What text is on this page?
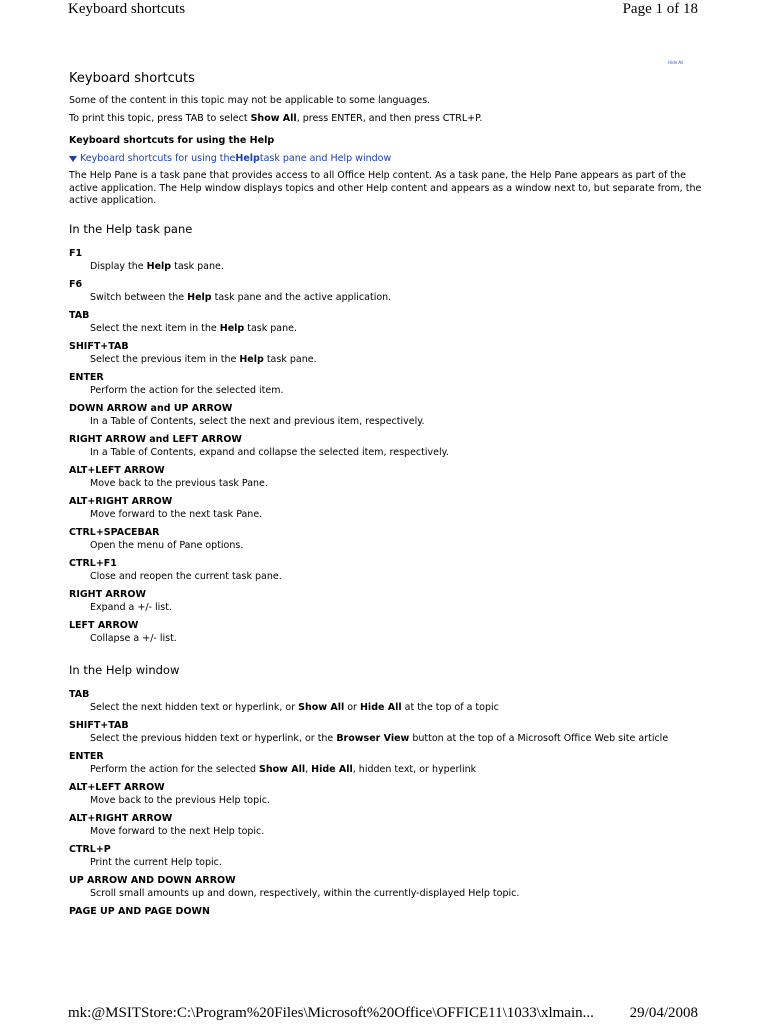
Keyboard shortcuts	Page 1 of 18
Hide All
Keyboard shortcuts
Some of the content in this topic may not be applicable to some languages.
To print this topic, press TAB to select Show All, press ENTER, and then press CTRL+P.
Keyboard shortcuts for using the Help
Keyboard shortcuts for using the Help task pane and Help window
The Help Pane is a task pane that provides access to all Office Help content. As a task pane, the Help Pane appears as part of the active application. The Help window displays topics and other Help content and appears as a window next to, but separate from, the active application.
In the Help task pane
F1
Display the Help task pane.
F6
Switch between the Help task pane and the active application.
TAB
Select the next item in the Help task pane.
SHIFT+TAB
Select the previous item in the Help task pane.
ENTER
Perform the action for the selected item.
DOWN ARROW and UP ARROW
In a Table of Contents, select the next and previous item, respectively.
RIGHT ARROW and LEFT ARROW
In a Table of Contents, expand and collapse the selected item, respectively.
ALT+LEFT ARROW
Move back to the previous task Pane.
ALT+RIGHT ARROW
Move forward to the next task Pane.
CTRL+SPACEBAR
Open the menu of Pane options.
CTRL+F1
Close and reopen the current task pane.
RIGHT ARROW
Expand a +/- list.
LEFT ARROW
Collapse a +/- list.
In the Help window
TAB
Select the next hidden text or hyperlink, or Show All or Hide All at the top of a topic
SHIFT+TAB
Select the previous hidden text or hyperlink, or the Browser View button at the top of a Microsoft Office Web site article
ENTER
Perform the action for the selected Show All, Hide All, hidden text, or hyperlink
ALT+LEFT ARROW
Move back to the previous Help topic.
ALT+RIGHT ARROW
Move forward to the next Help topic.
CTRL+P
Print the current Help topic.
UP ARROW AND DOWN ARROW
Scroll small amounts up and down, respectively, within the currently-displayed Help topic.
PAGE UP AND PAGE DOWN
mk:@MSITStore:C:\Program%20Files\Microsoft%20Office\OFFICE11\1033\xlmain... 29/04/2008
